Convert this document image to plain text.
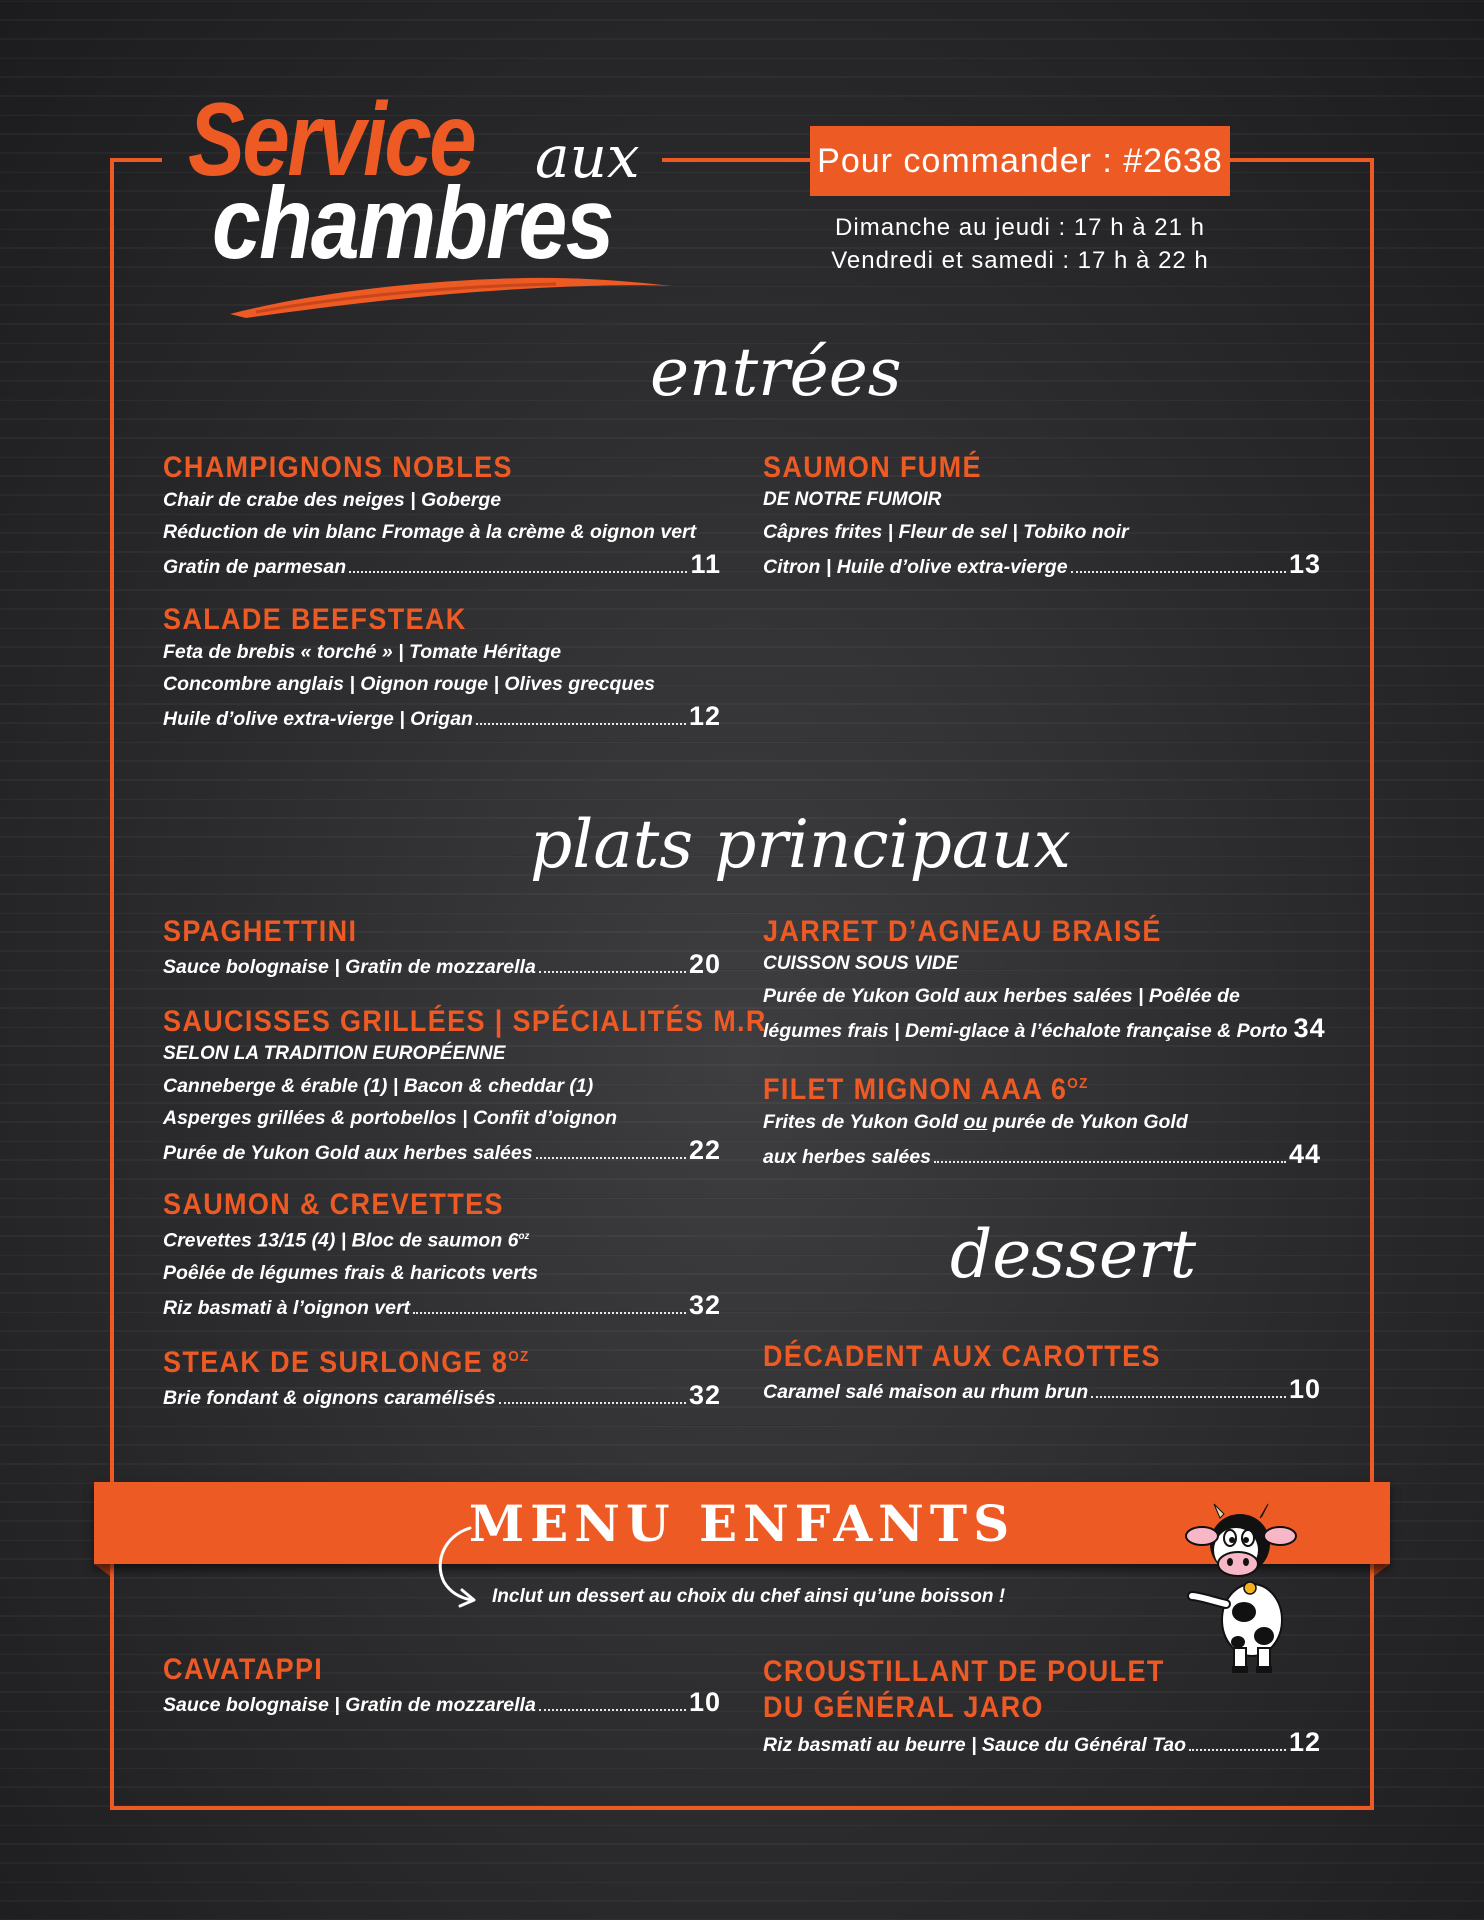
Service aux
chambres
Pour commander : #2638
Dimanche au jeudi : 17 h à 21 h
Vendredi et samedi : 17 h à 22 h
entrées
CHAMPIGNONS NOBLES
Chair de crabe des neiges | Goberge
Réduction de vin blanc Fromage à la crème & oignon vert
Gratin de parmesan	11
SALADE BEEFSTEAK
Feta de brebis « torché » | Tomate Héritage
Concombre anglais | Oignon rouge | Olives grecques
Huile d’olive extra-vierge | Origan	12
SAUMON FUMÉ
DE NOTRE FUMOIR
Câpres frites | Fleur de sel | Tobiko noir
Citron | Huile d’olive extra-vierge	13
plats principaux
SPAGHETTINI
Sauce bolognaise | Gratin de mozzarella	20
SAUCISSES GRILLÉES | SPÉCIALITÉS M.R
SELON LA TRADITION EUROPÉENNE
Canneberge & érable (1) | Bacon & cheddar (1)
Asperges grillées & portobellos | Confit d’oignon
Purée de Yukon Gold aux herbes salées	22
SAUMON & CREVETTES
Crevettes 13/15 (4) | Bloc de saumon $6^{oz}$
Poêlée de légumes frais & haricots verts
Riz basmati à l’oignon vert	32
STEAK DE SURLONGE $8^{OZ}$
Brie fondant & oignons caramélisés	32
JARRET D’AGNEAU BRAISÉ
CUISSON SOUS VIDE
Purée de Yukon Gold aux herbes salées | Poêlée de
légumes frais | Demi-glace à l’échalote française & Porto 34
FILET MIGNON AAA $6^{OZ}$
Frites de Yukon Gold ou purée de Yukon Gold
aux herbes salées	44
dessert
DÉCADENT AUX CAROTTES
Caramel salé maison au rhum brun	10
MENU ENFANTS
Inclut un dessert au choix du chef ainsi qu’une boisson !
CAVATAPPI
Sauce bolognaise | Gratin de mozzarella	10
CROUSTILLANT DE POULET
DU GÉNÉRAL JARO
Riz basmati au beurre | Sauce du Général Tao	12
